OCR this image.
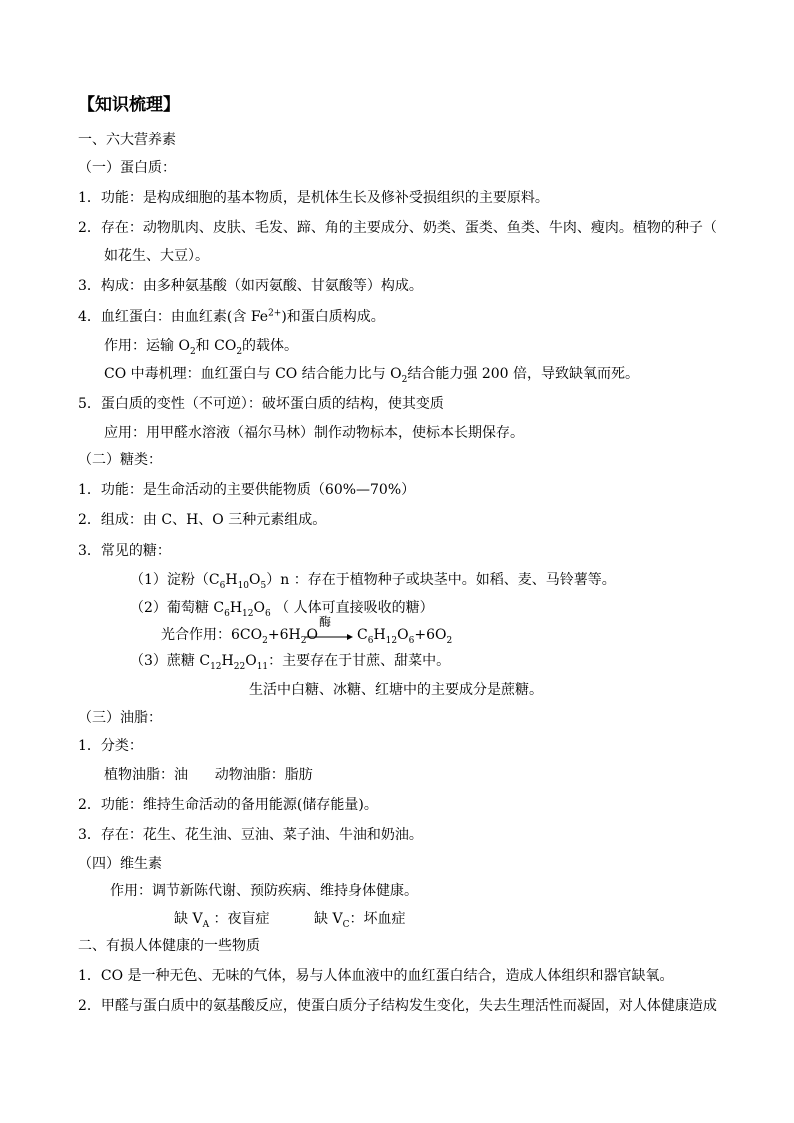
【知识梳理】
一、六大营养素
（一）蛋白质：
1．功能：是构成细胞的基本物质，是机体生长及修补受损组织的主要原料。
2．存在：动物肌肉、皮肤、毛发、蹄、角的主要成分、奶类、蛋类、鱼类、牛肉、瘦肉。植物的种子（
如花生、大豆）。
3．构成：由多种氨基酸（如丙氨酸、甘氨酸等）构成。
4．血红蛋白：由血红素(含 $Fe^{2+}$)和蛋白质构成。
作用：运输 $O_2$和 $CO_2$的载体。
CO 中毒机理：血红蛋白与 CO 结合能力比与 $O_2$结合能力强 200 倍，导致缺氧而死。
5．蛋白质的变性（不可逆）：破坏蛋白质的结构，使其变质
应用：用甲醛水溶液（福尔马林）制作动物标本，使标本长期保存。
（二）糖类：
1．功能：是生命活动的主要供能物质（60%—70%）
2．组成：由 C、H、O 三种元素组成。
3．常见的糖：
（1）淀粉$(C_6H_{10}O_5)n$ ：存在于植物种子或块茎中。如稻、麦、马铃薯等。
（2）葡萄糖 $C_6H_{12}O_6$ （ 人体可直接吸收的糖）
光合作用：$6CO_2+6H_2O$
酶
→ $C_6H_{12}O_6+6O_2$
（3）蔗糖 $C_{12}H_{22}O_{11}$：主要存在于甘蔗、甜菜中。
生活中白糖、冰糖、红塘中的主要成分是蔗糖。
（三）油脂：
1．分类：
植物油脂：油      动物油脂：脂肪
2．功能：维持生命活动的备用能源(储存能量)。
3．存在：花生、花生油、豆油、菜子油、牛油和奶油。
（四）维生素
作用：调节新陈代谢、预防疾病、维持身体健康。
缺 $V_A$ ：夜盲症	缺 $V_C$：坏血症
二、有损人体健康的一些物质
1．CO 是一种无色、无味的气体，易与人体血液中的血红蛋白结合，造成人体组织和器官缺氧。
2．甲醛与蛋白质中的氨基酸反应，使蛋白质分子结构发生变化，失去生理活性而凝固，对人体健康造成
